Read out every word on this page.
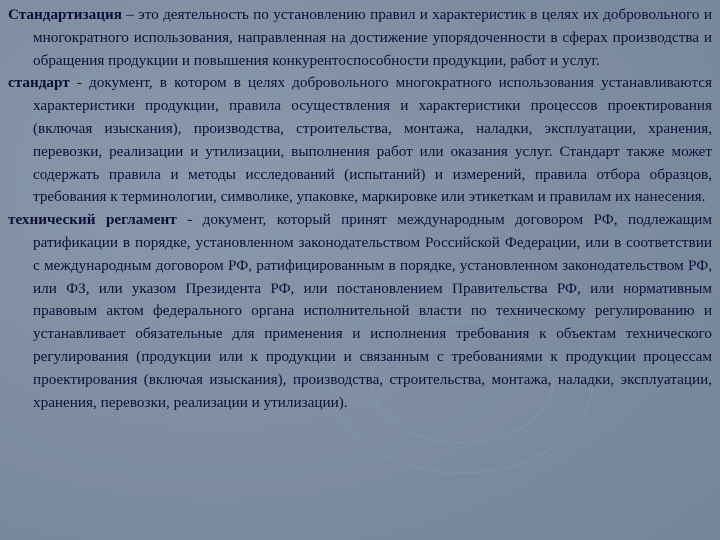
Стандартизация – это деятельность по установлению правил и характеристик в целях их добровольного и многократного использования, направленная на достижение упорядоченности в сферах производства и обращения продукции и повышения конкурентоспособности продукции, работ и услуг.

стандарт - документ, в котором в целях добровольного многократного использования устанавливаются характеристики продукции, правила осуществления и характеристики процессов проектирования (включая изыскания), производства, строительства, монтажа, наладки, эксплуатации, хранения, перевозки, реализации и утилизации, выполнения работ или оказания услуг. Стандарт также может содержать правила и методы исследований (испытаний) и измерений, правила отбора образцов, требования к терминологии, символике, упаковке, маркировке или этикеткам и правилам их нанесения.

технический регламент - документ, который принят международным договором РФ, подлежащим ратификации в порядке, установленном законодательством Российской Федерации, или в соответствии с международным договором РФ, ратифицированным в порядке, установленном законодательством РФ, или ФЗ, или указом Президента РФ, или постановлением Правительства РФ, или нормативным правовым актом федерального органа исполнительной власти по техническому регулированию и устанавливает обязательные для применения и исполнения требования к объектам технического регулирования (продукции или к продукции и связанным с требованиями к продукции процессам проектирования (включая изыскания), производства, строительства, монтажа, наладки, эксплуатации, хранения, перевозки, реализации и утилизации).
